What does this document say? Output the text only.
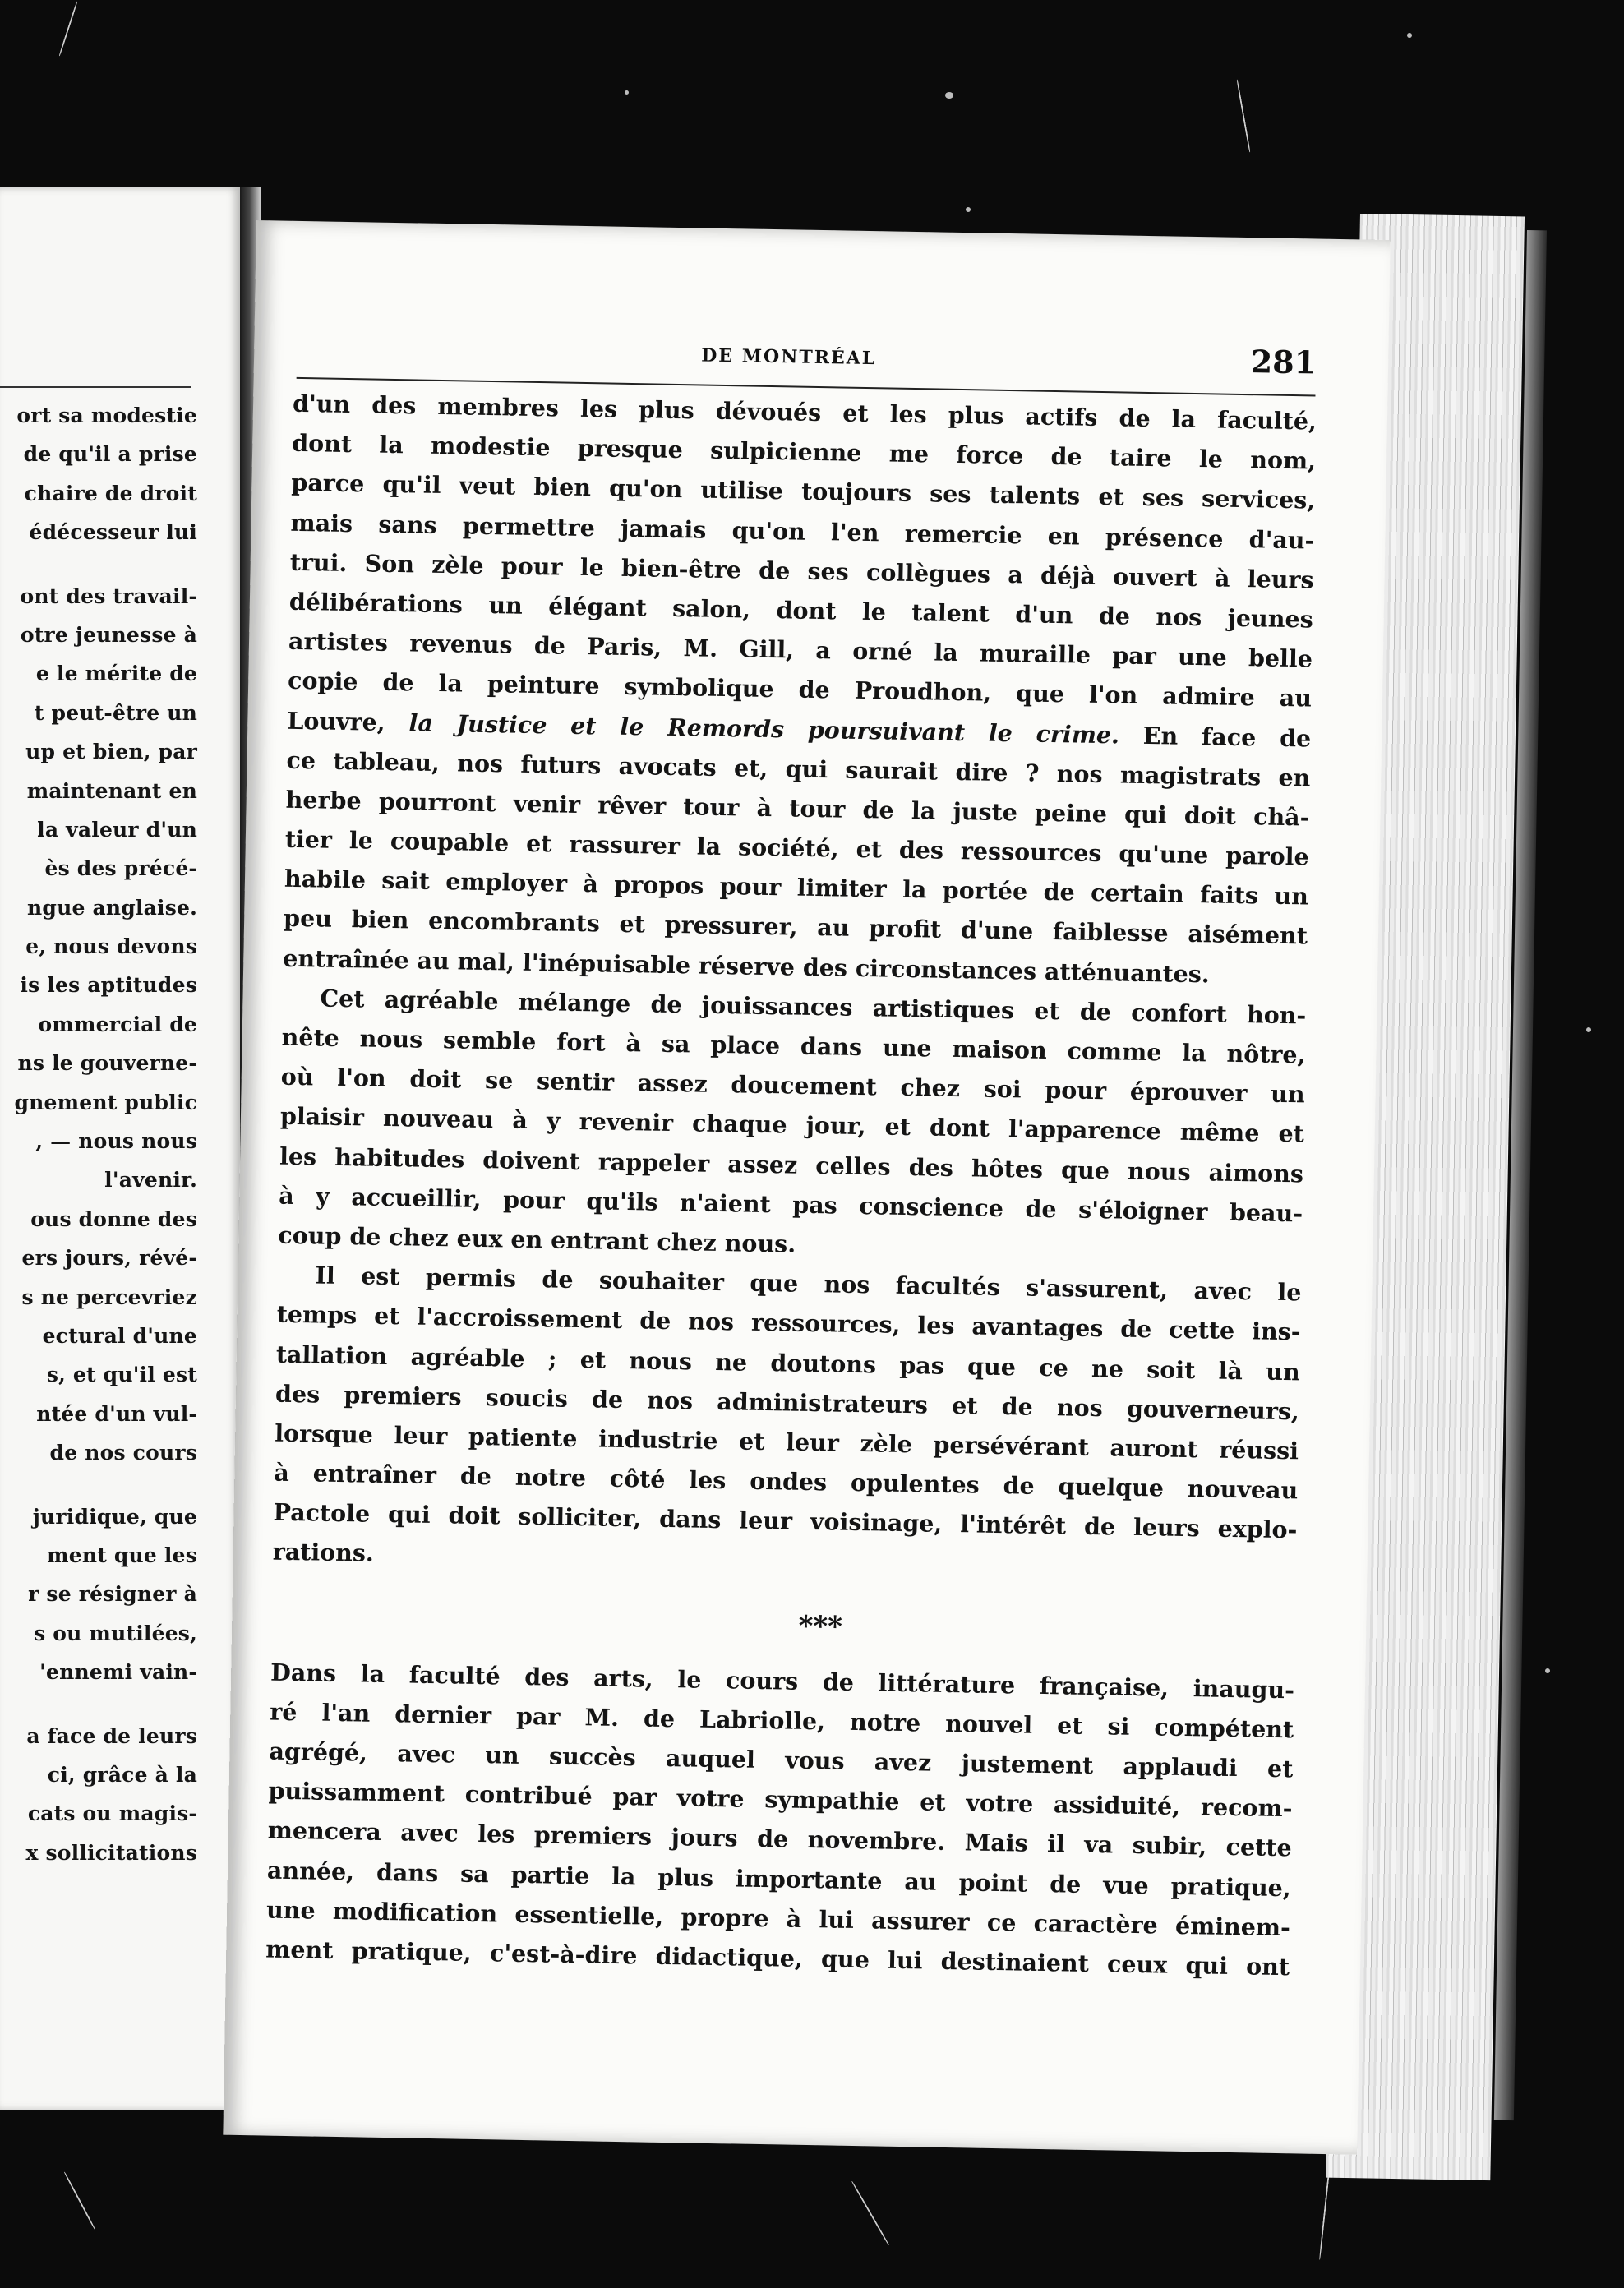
ort sa modestie
de qu'il a prise
chaire de droit
édécesseur lui
ont des travail-
otre jeunesse à
e le mérite de
t peut-être un
up et bien, par
maintenant en
la valeur d'un
ès des précé-
ngue anglaise.
e, nous devons
is les aptitudes
ommercial de
ns le gouverne-
gnement public
, — nous nous
l'avenir.
ous donne des
ers jours, révé-
s ne percevriez
ectural d'une
s, et qu'il est
ntée d'un vul-
de nos cours
juridique, que
ment que les
r se résigner à
s ou mutilées,
'ennemi vain-
a face de leurs
ci, grâce à la
cats ou magis-
x sollicitations
DE MONTRÉAL	281
d'un des membres les plus dévoués et les plus actifs de la faculté,
dont la modestie presque sulpicienne me force de taire le nom,
parce qu'il veut bien qu'on utilise toujours ses talents et ses services,
mais sans permettre jamais qu'on l'en remercie en présence d'au-
trui. Son zèle pour le bien-être de ses collègues a déjà ouvert à leurs
délibérations un élégant salon, dont le talent d'un de nos jeunes
artistes revenus de Paris, M. Gill, a orné la muraille par une belle
copie de la peinture symbolique de Proudhon, que l'on admire au
Louvre, la Justice et le Remords poursuivant le crime. En face de
ce tableau, nos futurs avocats et, qui saurait dire ? nos magistrats en
herbe pourront venir rêver tour à tour de la juste peine qui doit châ-
tier le coupable et rassurer la société, et des ressources qu'une parole
habile sait employer à propos pour limiter la portée de certain faits un
peu bien encombrants et pressurer, au profit d'une faiblesse aisément
entraînée au mal, l'inépuisable réserve des circonstances atténuantes.
Cet agréable mélange de jouissances artistiques et de confort hon-
nête nous semble fort à sa place dans une maison comme la nôtre,
où l'on doit se sentir assez doucement chez soi pour éprouver un
plaisir nouveau à y revenir chaque jour, et dont l'apparence même et
les habitudes doivent rappeler assez celles des hôtes que nous aimons
à y accueillir, pour qu'ils n'aient pas conscience de s'éloigner beau-
coup de chez eux en entrant chez nous.
Il est permis de souhaiter que nos facultés s'assurent, avec le
temps et l'accroissement de nos ressources, les avantages de cette ins-
tallation agréable ; et nous ne doutons pas que ce ne soit là un
des premiers soucis de nos administrateurs et de nos gouverneurs,
lorsque leur patiente industrie et leur zèle persévérant auront réussi
à entraîner de notre côté les ondes opulentes de quelque nouveau
Pactole qui doit solliciter, dans leur voisinage, l'intérêt de leurs explo-
rations.
***
Dans la faculté des arts, le cours de littérature française, inaugu-
ré l'an dernier par M. de Labriolle, notre nouvel et si compétent
agrégé, avec un succès auquel vous avez justement applaudi et
puissamment contribué par votre sympathie et votre assiduité, recom-
mencera avec les premiers jours de novembre. Mais il va subir, cette
année, dans sa partie la plus importante au point de vue pratique,
une modification essentielle, propre à lui assurer ce caractère éminem-
ment pratique, c'est-à-dire didactique, que lui destinaient ceux qui ont
